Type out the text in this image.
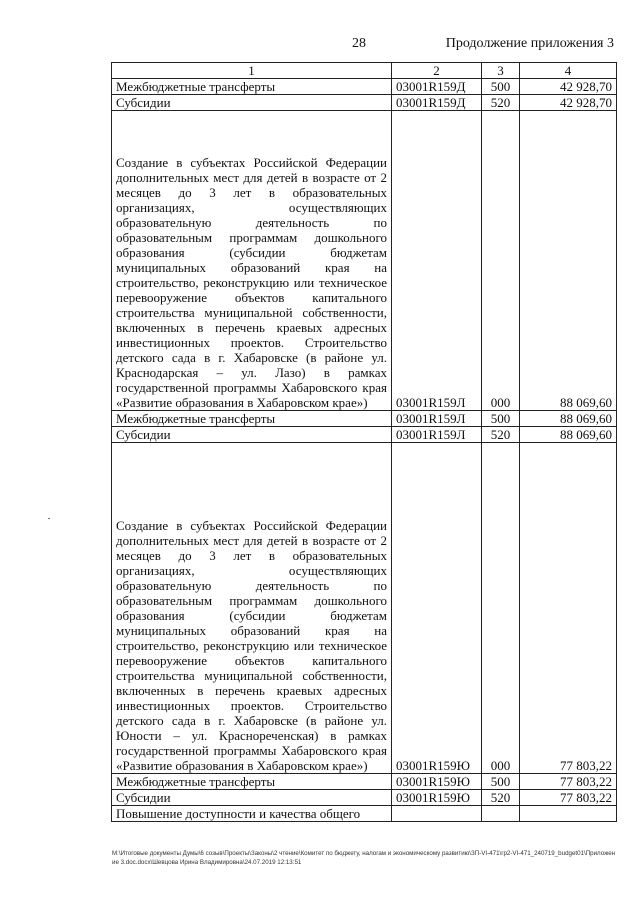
28	Продолжение приложения 3
1	2	3	4
Межбюджетные трансферты	03001R159Д	500	42 928,70
Субсидии	03001R159Д	520	42 928,70
Создание в субъектах Российской Федерации дополнительных мест для детей в возрасте от 2 месяцев до 3 лет в образовательных организациях, осуществляющих образовательную деятельность по образовательным программам дошкольного образования (субсидии бюджетам муниципальных образований края на строительство, реконструкцию или техническое перевооружение объектов капитального строительства муниципальной собственности, включенных в перечень краевых адресных инвестиционных проектов. Строительство детского сада в г. Хабаровске (в районе ул. Краснодарская – ул. Лазо) в рамках государственной программы Хабаровского края «Развитие образования в Хабаровском крае»)	03001R159Л	000	88 069,60
Межбюджетные трансферты	03001R159Л	500	88 069,60
Субсидии	03001R159Л	520	88 069,60
Создание в субъектах Российской Федерации дополнительных мест для детей в возрасте от 2 месяцев до 3 лет в образовательных организациях, осуществляющих образовательную деятельность по образовательным программам дошкольного образования (субсидии бюджетам муниципальных образований края на строительство, реконструкцию или техническое перевооружение объектов капитального строительства муниципальной собственности, включенных в перечень краевых адресных инвестиционных проектов. Строительство детского сада в г. Хабаровске (в районе ул. Юности – ул. Краснореченская) в рамках государственной программы Хабаровского края «Развитие образования в Хабаровском крае»)	03001R159Ю	000	77 803,22
Межбюджетные трансферты	03001R159Ю	500	77 803,22
Субсидии	03001R159Ю	520	77 803,22
Повышение доступности и качества общего			
M:\Итоговые документы Думы\6 созыв\Проекты\Законы\2 чтение\Комитет по бюджету, налогам и экономическому развитию\ЗП-VI-471\гр2-VI-471_240719_budget01\Приложение 3.doc.docx\Шевцова Ирина Владимировна\24.07.2019 12:13:51
